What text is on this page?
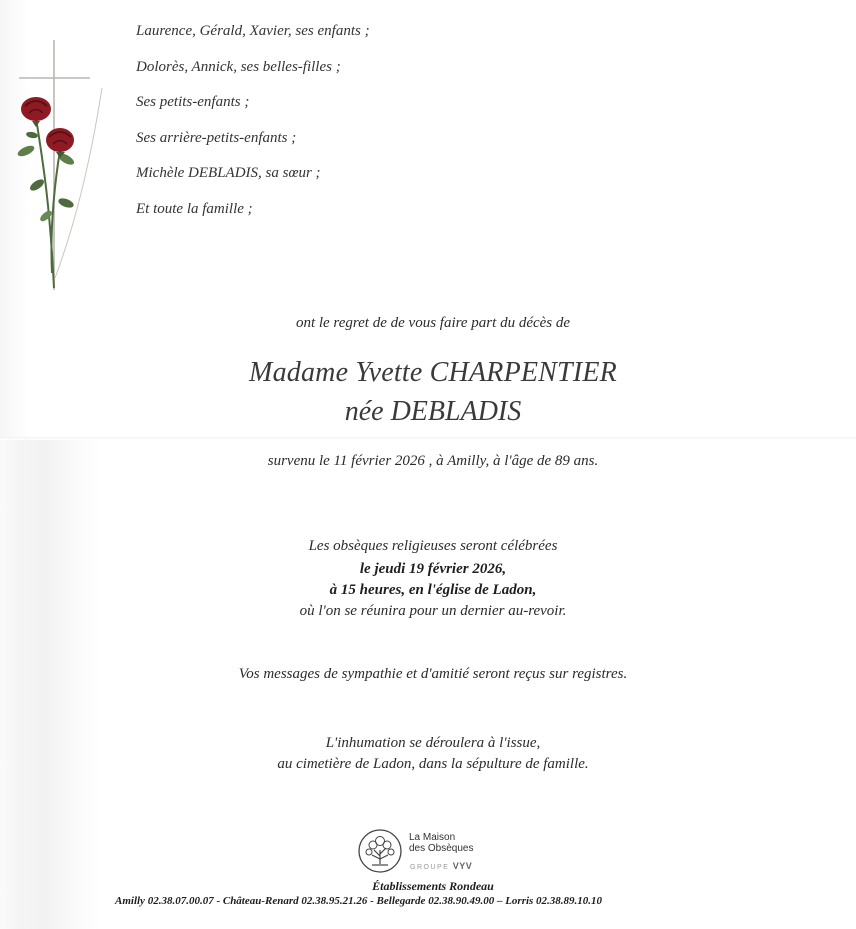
Laurence, Gérald, Xavier, ses enfants ;
Dolorès, Annick, ses belles-filles ;
Ses petits-enfants ;
Ses arrière-petits-enfants ;
Michèle DEBLADIS, sa sœur ;
Et toute la famille ;
ont le regret de de vous faire part du décès de
Madame Yvette CHARPENTIER
née DEBLADIS
survenu le 11 février 2026 , à Amilly, à l'âge de 89 ans.
Les obsèques religieuses seront célébrées
le jeudi 19 février 2026,
à 15 heures, en l'église de Ladon,
où l'on se réunira pour un dernier au-revoir.
Vos messages de sympathie et d'amitié seront reçus sur registres.
L'inhumation se déroulera à l'issue,
au cimetière de Ladon, dans la sépulture de famille.
La Maison
des Obsèques
GROUPE VYV
Établissements Rondeau
Amilly 02.38.07.00.07 - Château-Renard 02.38.95.21.26 - Bellegarde 02.38.90.49.00 – Lorris 02.38.89.10.10
